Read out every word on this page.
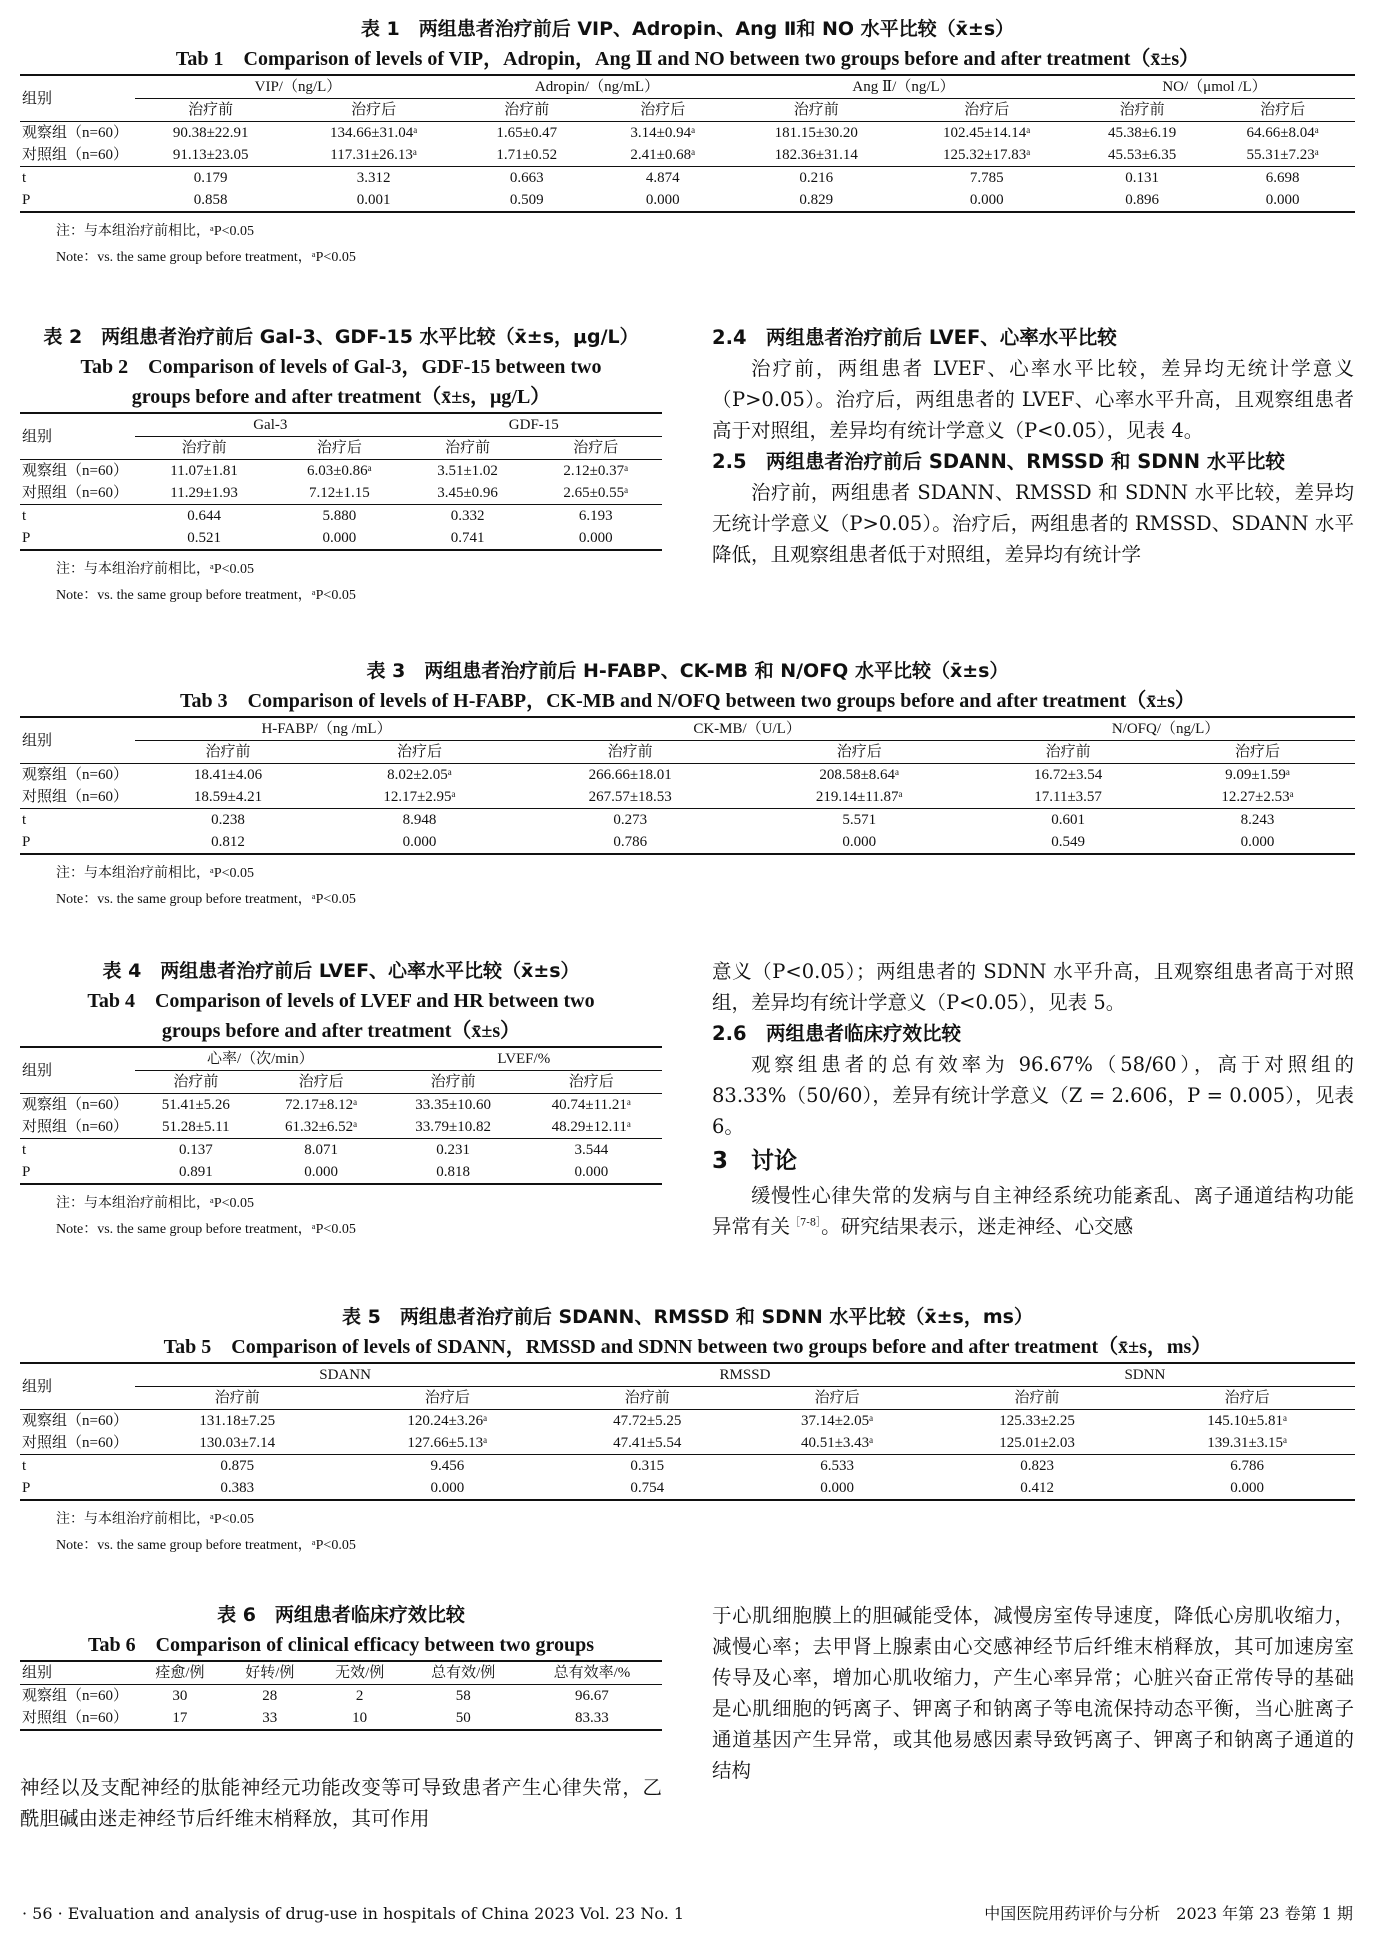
表 1　两组患者治疗前后 VIP、Adropin、Ang Ⅱ和 NO 水平比较（x̄±s）
Tab 1　Comparison of levels of VIP，Adropin，Ang Ⅱ and NO between two groups before and after treatment（x̄±s）
组别	VIP/（ng/L）		Adropin/（ng/mL）		Ang Ⅱ/（ng/L）		NO/（μmol /L）	
	治疗前	治疗后	治疗前	治疗后	治疗前	治疗后	治疗前	治疗后
观察组（n=60）	90.38±22.91	134.66±31.04ᵃ	1.65±0.47	3.14±0.94ᵃ	181.15±30.20	102.45±14.14ᵃ	45.38±6.19	64.66±8.04ᵃ
对照组（n=60）	91.13±23.05	117.31±26.13ᵃ	1.71±0.52	2.41±0.68ᵃ	182.36±31.14	125.32±17.83ᵃ	45.53±6.35	55.31±7.23ᵃ
t	0.179	3.312	0.663	4.874	0.216	7.785	0.131	6.698
P	0.858	0.001	0.509	0.000	0.829	0.000	0.896	0.000
注：与本组治疗前相比，ᵃP<0.05
Note：vs. the same group before treatment，ᵃP<0.05
表 2　两组患者治疗前后 Gal-3、GDF-15 水平比较（x̄±s，μg/L）
Tab 2　Comparison of levels of Gal-3，GDF-15 between two
groups before and after treatment（x̄±s，μg/L）
组别	Gal-3		GDF-15	
	治疗前	治疗后	治疗前	治疗后
观察组（n=60）	11.07±1.81	6.03±0.86ᵃ	3.51±1.02	2.12±0.37ᵃ
对照组（n=60）	11.29±1.93	7.12±1.15	3.45±0.96	2.65±0.55ᵃ
t	0.644	5.880	0.332	6.193
P	0.521	0.000	0.741	0.000
注：与本组治疗前相比，ᵃP<0.05
Note：vs. the same group before treatment，ᵃP<0.05
2.4　两组患者治疗前后 LVEF、心率水平比较

治疗前，两组患者 LVEF、心率水平比较，差异均无统计学意义（P>0.05）。治疗后，两组患者的 LVEF、心率水平升高，且观察组患者高于对照组，差异均有统计学意义（P<0.05），见表 4。

2.5　两组患者治疗前后 SDANN、RMSSD 和 SDNN 水平比较

治疗前，两组患者 SDANN、RMSSD 和 SDNN 水平比较，差异均无统计学意义（P>0.05）。治疗后，两组患者的 RMSSD、SDANN 水平降低，且观察组患者低于对照组，差异均有统计学

表 3　两组患者治疗前后 H-FABP、CK-MB 和 N/OFQ 水平比较（x̄±s）
Tab 3　Comparison of levels of H-FABP，CK-MB and N/OFQ between two groups before and after treatment（x̄±s）
组别	H-FABP/（ng /mL）		CK-MB/（U/L）		N/OFQ/（ng/L）	
	治疗前	治疗后	治疗前	治疗后	治疗前	治疗后
观察组（n=60）	18.41±4.06	8.02±2.05ᵃ	266.66±18.01	208.58±8.64ᵃ	16.72±3.54	9.09±1.59ᵃ
对照组（n=60）	18.59±4.21	12.17±2.95ᵃ	267.57±18.53	219.14±11.87ᵃ	17.11±3.57	12.27±2.53ᵃ
t	0.238	8.948	0.273	5.571	0.601	8.243
P	0.812	0.000	0.786	0.000	0.549	0.000
注：与本组治疗前相比，ᵃP<0.05
Note：vs. the same group before treatment，ᵃP<0.05
表 4　两组患者治疗前后 LVEF、心率水平比较（x̄±s）
Tab 4　Comparison of levels of LVEF and HR between two
groups before and after treatment（x̄±s）
组别	心率/（次/min）		LVEF/%	
	治疗前	治疗后	治疗前	治疗后
观察组（n=60）	51.41±5.26	72.17±8.12ᵃ	33.35±10.60	40.74±11.21ᵃ
对照组（n=60）	51.28±5.11	61.32±6.52ᵃ	33.79±10.82	48.29±12.11ᵃ
t	0.137	8.071	0.231	3.544
P	0.891	0.000	0.818	0.000
注：与本组治疗前相比，ᵃP<0.05
Note：vs. the same group before treatment，ᵃP<0.05
意义（P<0.05）；两组患者的 SDNN 水平升高，且观察组患者高于对照组，差异均有统计学意义（P<0.05），见表 5。
2.6　两组患者临床疗效比较

观察组患者的总有效率为 96.67%（58/60），高于对照组的 83.33%（50/60），差异有统计学意义（Z = 2.606，P = 0.005），见表 6。

3　讨论

缓慢性心律失常的发病与自主神经系统功能紊乱、离子通道结构功能异常有关$^{[7-8]}$。研究结果表示，迷走神经、心交感

表 5　两组患者治疗前后 SDANN、RMSSD 和 SDNN 水平比较（x̄±s，ms）
Tab 5　Comparison of levels of SDANN，RMSSD and SDNN between two groups before and after treatment（x̄±s，ms）
组别	SDANN		RMSSD		SDNN	
	治疗前	治疗后	治疗前	治疗后	治疗前	治疗后
观察组（n=60）	131.18±7.25	120.24±3.26ᵃ	47.72±5.25	37.14±2.05ᵃ	125.33±2.25	145.10±5.81ᵃ
对照组（n=60）	130.03±7.14	127.66±5.13ᵃ	47.41±5.54	40.51±3.43ᵃ	125.01±2.03	139.31±3.15ᵃ
t	0.875	9.456	0.315	6.533	0.823	6.786
P	0.383	0.000	0.754	0.000	0.412	0.000
注：与本组治疗前相比，ᵃP<0.05
Note：vs. the same group before treatment，ᵃP<0.05
表 6　两组患者临床疗效比较
Tab 6　Comparison of clinical efficacy between two groups
组别	痊愈/例	好转/例	无效/例	总有效/例	总有效率/%
观察组（n=60）	30	28	2	58	96.67
对照组（n=60）	17	33	10	50	83.33
神经以及支配神经的肽能神经元功能改变等可导致患者产生心律失常，乙酰胆碱由迷走神经节后纤维末梢释放，其可作用
于心肌细胞膜上的胆碱能受体，减慢房室传导速度，降低心房肌收缩力，减慢心率；去甲肾上腺素由心交感神经节后纤维末梢释放，其可加速房室传导及心率，增加心肌收缩力，产生心率异常；心脏兴奋正常传导的基础是心肌细胞的钙离子、钾离子和钠离子等电流保持动态平衡，当心脏离子通道基因产生异常，或其他易感因素导致钙离子、钾离子和钠离子通道的结构
· 56 · Evaluation and analysis of drug-use in hospitals of China 2023 Vol. 23 No. 1	中国医院用药评价与分析　2023 年第 23 卷第 1 期
